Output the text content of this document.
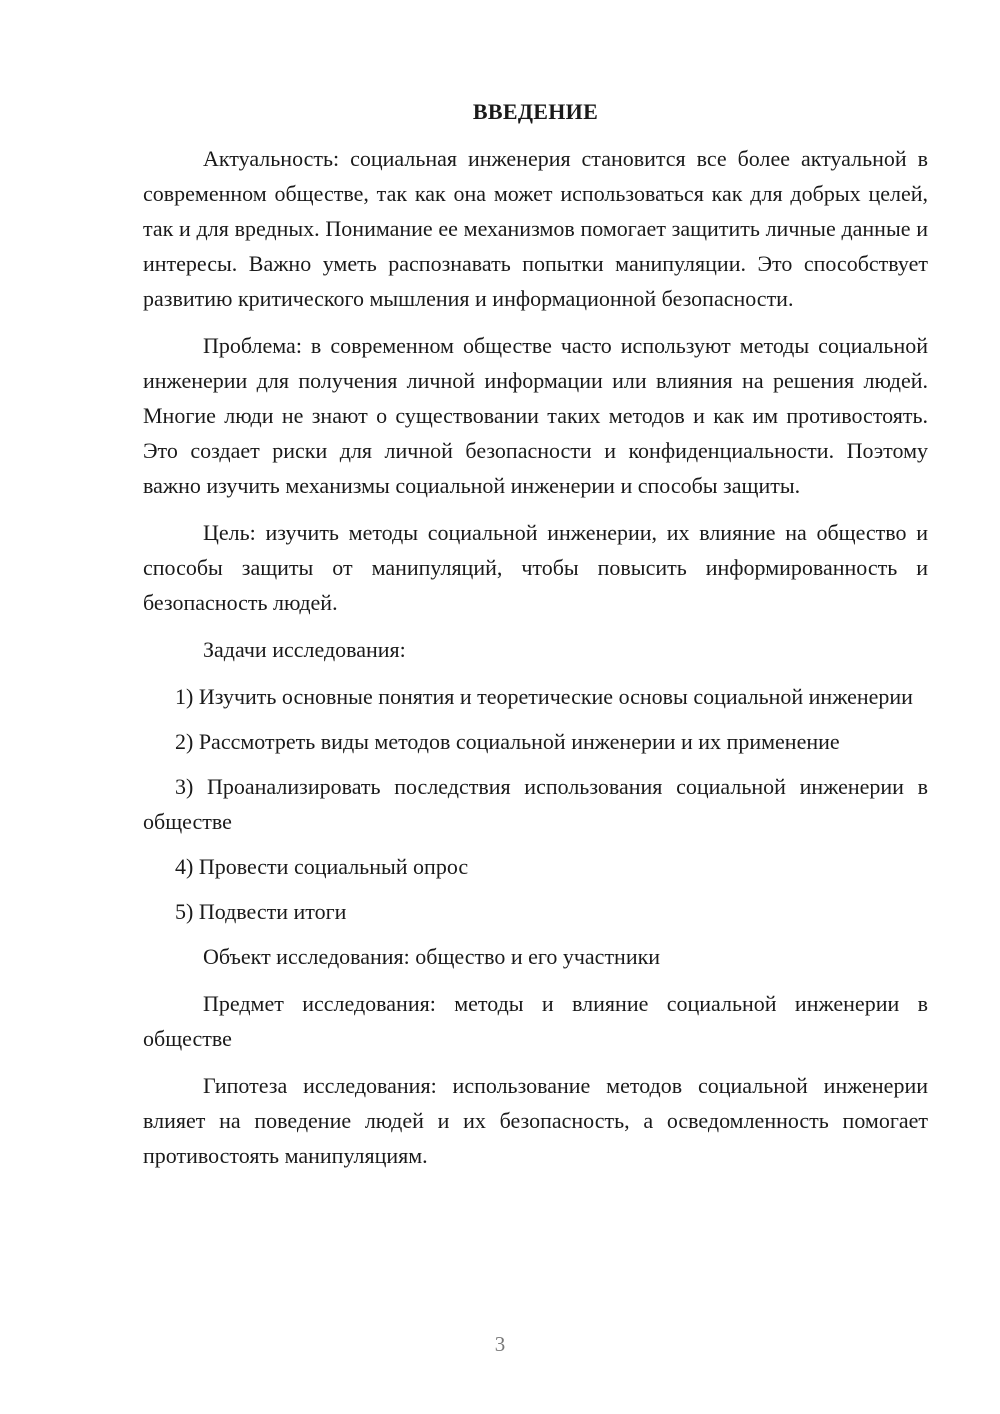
ВВЕДЕНИЕ

Актуальность: социальная инженерия становится все более актуальной в современном обществе, так как она может использоваться как для добрых целей, так и для вредных. Понимание ее механизмов помогает защитить личные данные и интересы. Важно уметь распознавать попытки манипуляции. Это способствует развитию критического мышления и информационной безопасности.

Проблема: в современном обществе часто используют методы социальной инженерии для получения личной информации или влияния на решения людей. Многие люди не знают о существовании таких методов и как им противостоять. Это создает риски для личной безопасности и конфиденциальности. Поэтому важно изучить механизмы социальной инженерии и способы защиты.

Цель: изучить методы социальной инженерии, их влияние на общество и способы защиты от манипуляций, чтобы повысить информированность и безопасность людей.

Задачи исследования:

1) Изучить основные понятия и теоретические основы социальной инженерии

2) Рассмотреть виды методов социальной инженерии и их применение

3) Проанализировать последствия использования социальной инженерии в обществе

4) Провести социальный опрос

5) Подвести итоги

Объект исследования: общество и его участники

Предмет исследования: методы и влияние социальной инженерии в обществе

Гипотеза исследования: использование методов социальной инженерии влияет на поведение людей и их безопасность, а осведомленность помогает противостоять манипуляциям.

3
